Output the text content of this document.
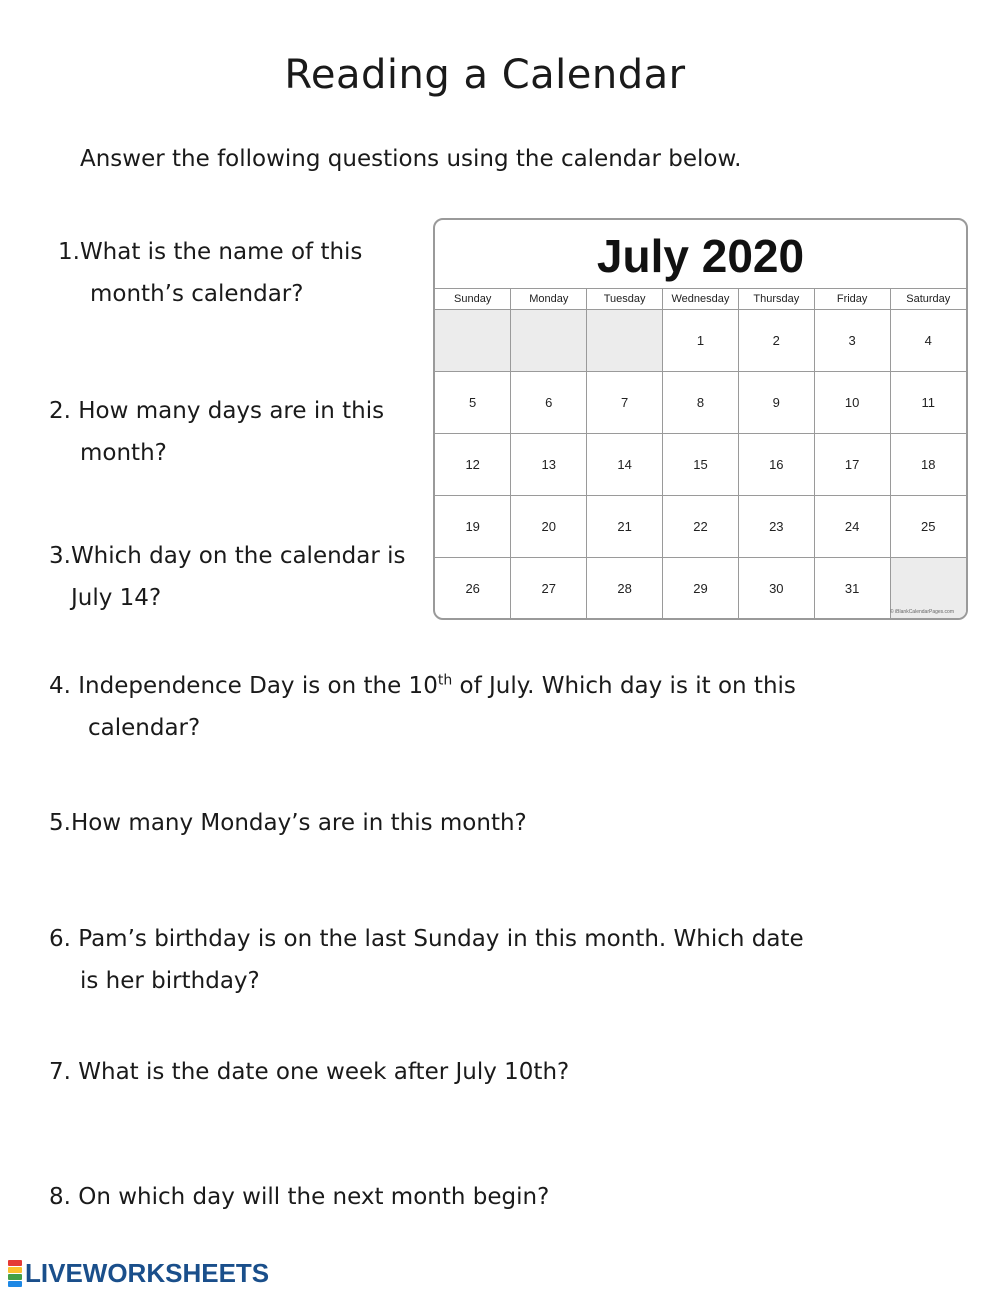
Reading a Calendar
Answer the following questions using the calendar below.
1.What is the name of this
month’s calendar?
2. How many days are in this
month?
3.Which day on the calendar is
July 14?
4. Independence Day is on the 10th of July. Which day is it on this
calendar?
5.How many Monday’s are in this month?
6. Pam’s birthday is on the last Sunday in this month. Which date
is her birthday?
7. What is the date one week after July 10th?
8. On which day will the next month begin?
July 2020
Sunday	Monday	Tuesday	Wednesday	Thursday	Friday	Saturday
			1	2	3	4
5	6	7	8	9	10	11
12	13	14	15	16	17	18
19	20	21	22	23	24	25
26	27	28	29	30	31	
© iBlankCalendarPages.com
LIVEWORKSHEETS
